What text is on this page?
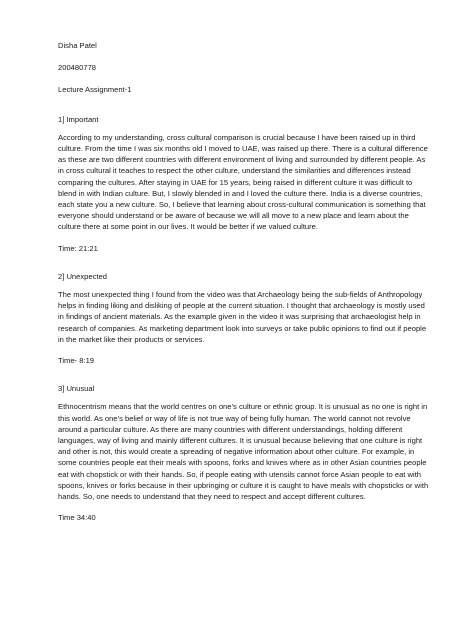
Disha Patel
200480778
Lecture Assignment-1
1] Important
According to my understanding, cross cultural comparison is crucial because I have been raised up in third culture. From the time I was six months old I moved to UAE, was raised up there. There is a cultural difference as these are two different countries with different environment of living and surrounded by different people. As in cross cultural it teaches to respect the other culture, understand the similarities and differences instead comparing the cultures. After staying in UAE for 15 years, being raised in different culture it was difficult to blend in with Indian culture. But, I slowly blended in and I loved the culture there. India is a diverse countries, each state you a new culture. So, I believe that learning about cross-cultural communication is something that everyone should understand or be aware of because we will all move to a new place and learn about the culture there at some point in our lives. It would be better if we valued culture.
Time: 21:21
2] Unexpected
The most unexpected thing I found from the video was that Archaeology being the sub-fields of Anthropology helps in finding liking and disliking of people at the current situation. I thought that archaeology is mostly used in findings of ancient materials. As the example given in the video it was surprising that archaeologist help in research of companies. As marketing department look into surveys or take public opinions to find out if people in the market like their products or services.
Time- 8:19
3] Unusual
Ethnocentrism means that the world centres on one’s culture or ethnic group. It is unusual as no one is right in this world. As one’s belief or way of life is not true way of being fully human. The world cannot not revolve around a particular culture. As there are many countries with different understandings, holding different languages, way of living and mainly different cultures. It is unusual because believing that one culture is right and other is not, this would create a spreading of negative information about other culture. For example, in some countries people eat their meals with spoons, forks and knives where as in other Asian countries people eat with chopstick or with their hands. So, if people eating with utensils cannot force Asian people to eat with spoons, knives or forks because in their upbringing or culture it is caught to have meals with chopsticks or with hands. So, one needs to understand that they need to respect and accept different cultures.
Time 34:40
